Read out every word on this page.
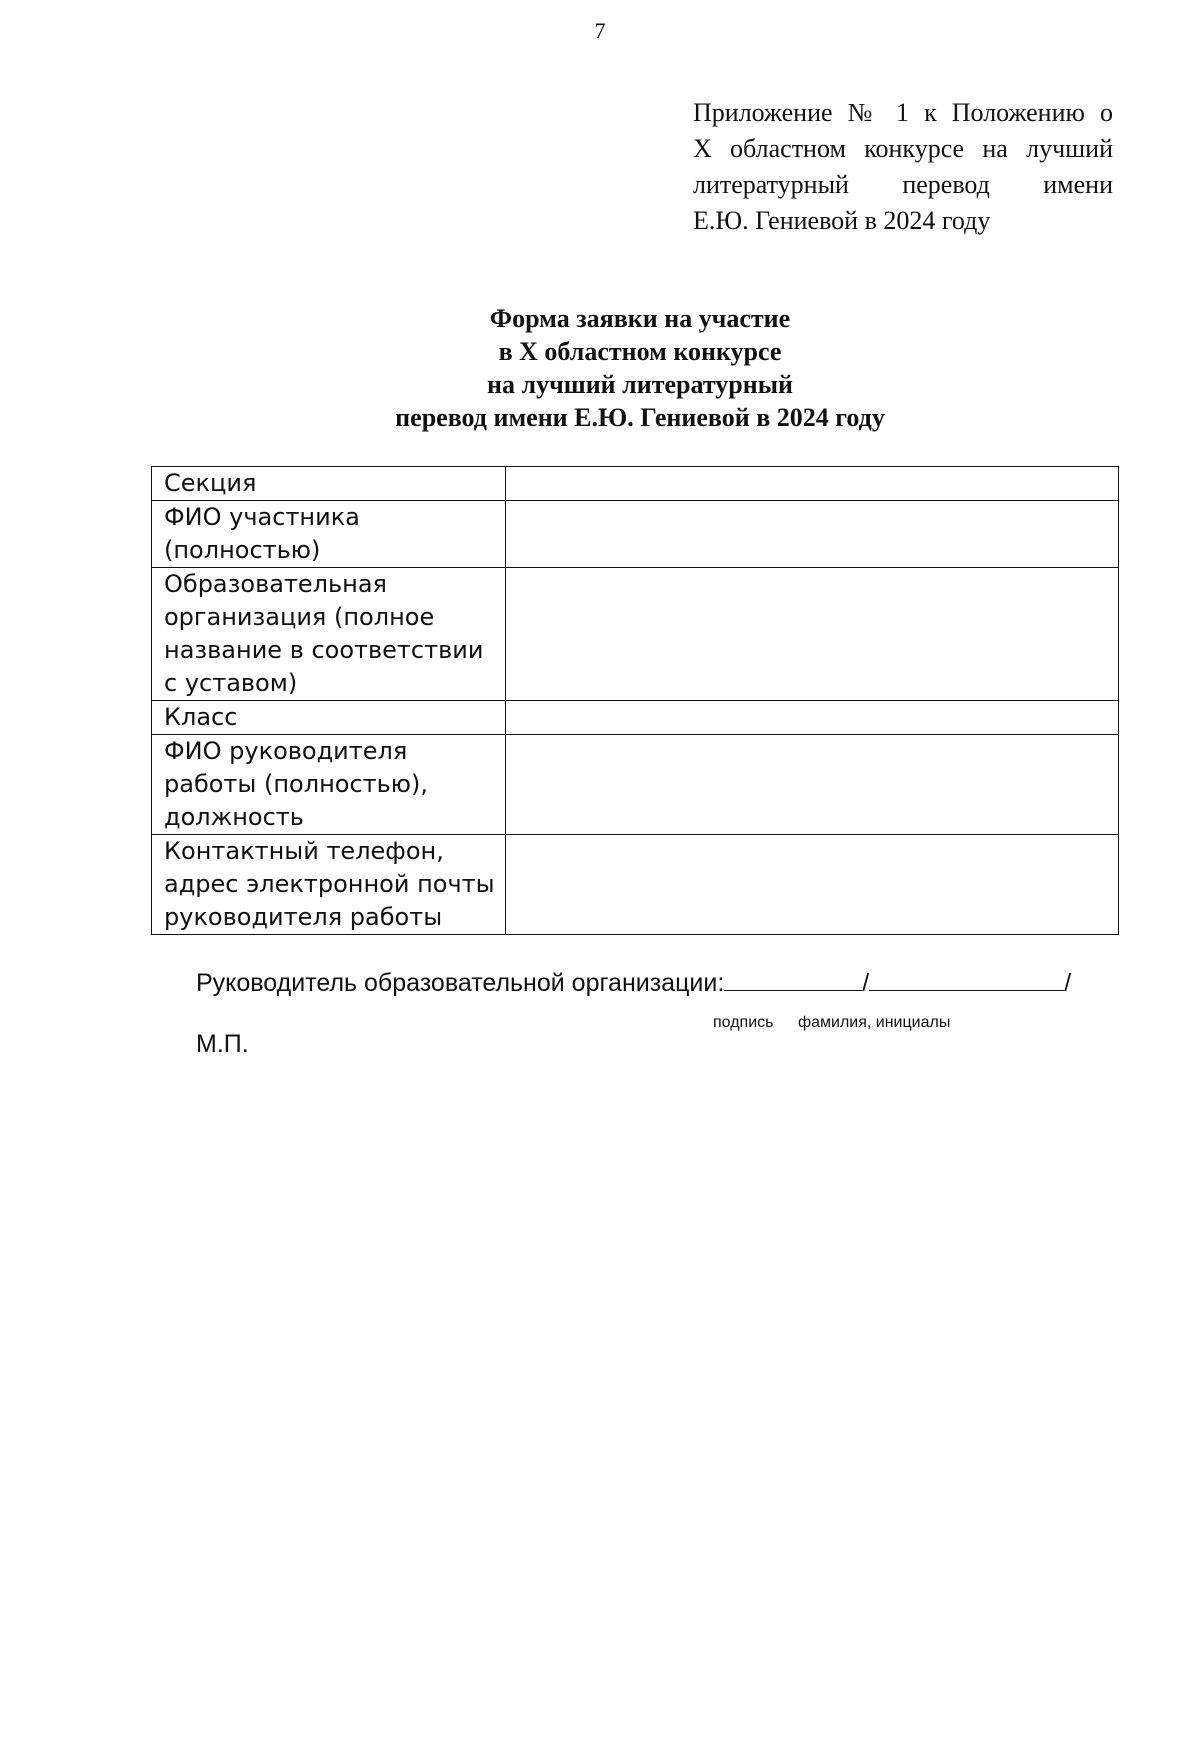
7
Приложение № 1 к Положению о
X областном конкурсе на лучший
литературный перевод имени
Е.Ю. Гениевой в 2024 году
Форма заявки на участие
в X областном конкурсе
на лучший литературный
перевод имени Е.Ю. Гениевой в 2024 году
Секция	
ФИО участника (полностью)	
Образовательная организация (полное название в соответствии с уставом)	
Класс	
ФИО руководителя работы (полностью), должность	
Контактный телефон, адрес электронной почты руководителя работы	
Руководитель образовательной организации:	/	/
подпись фамилия, инициалы
М.П.
